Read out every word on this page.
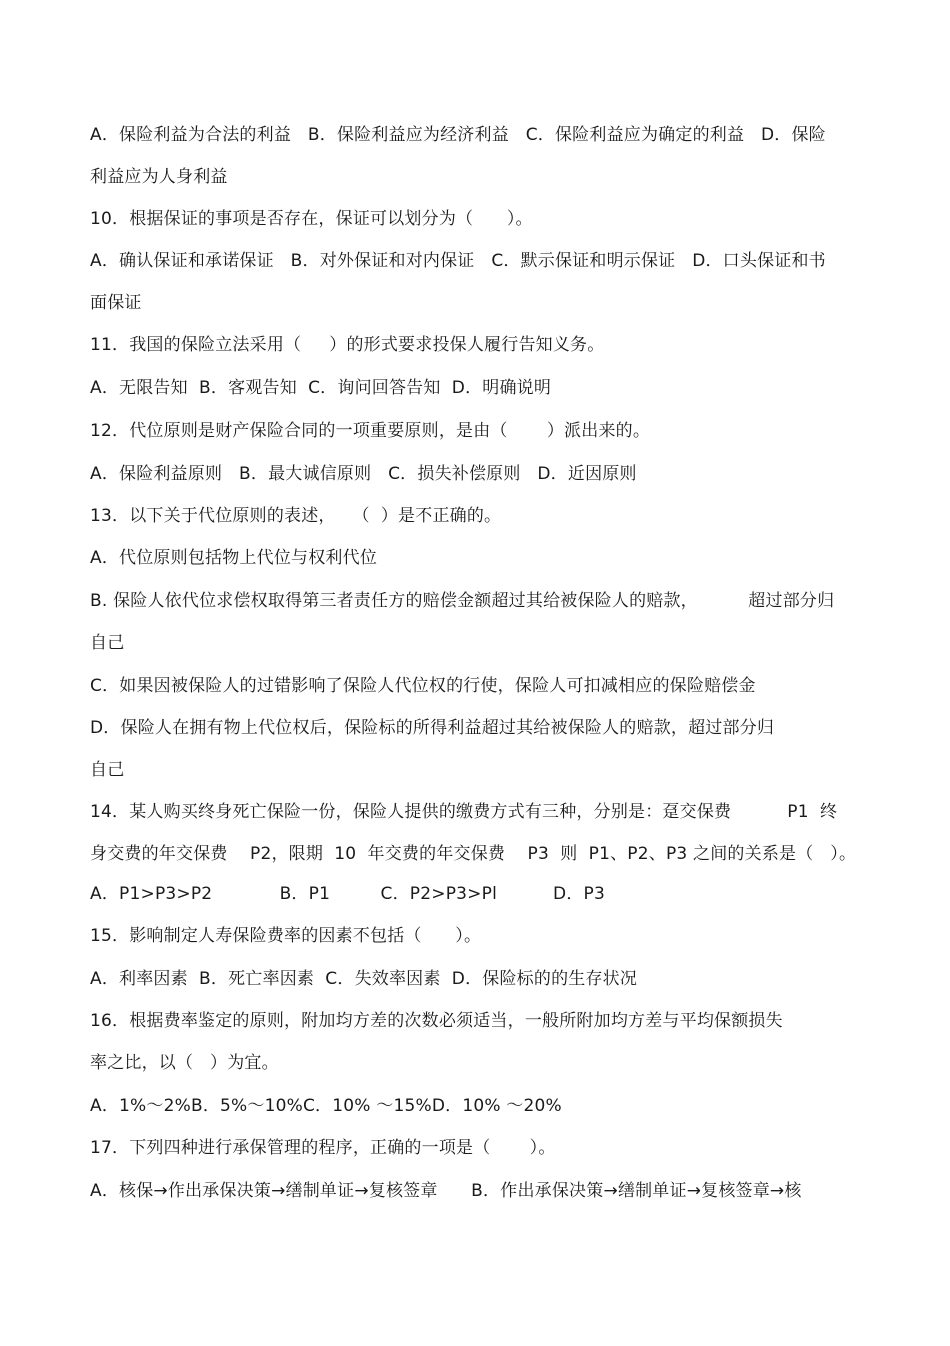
A．保险利益为合法的利益   B．保险利益应为经济利益   C．保险利益应为确定的利益   D．保险
利益应为人身利益
10．根据保证的事项是否存在，保证可以划分为（      ）。
A．确认保证和承诺保证   B．对外保证和对内保证   C．默示保证和明示保证   D．口头保证和书
面保证
11．我国的保险立法采用（     ）的形式要求投保人履行告知义务。
A．无限告知  B．客观告知  C．询问回答告知  D．明确说明
12．代位原则是财产保险合同的一项重要原则，是由（       ）派出来的。
A．保险利益原则   B．最大诚信原则   C．损失补偿原则   D．近因原则
13．以下关于代位原则的表述，   （  ）是不正确的。
A．代位原则包括物上代位与权利代位
B. 保险人依代位求偿权取得第三者责任方的赔偿金额超过其给被保险人的赔款，         超过部分归
自己
C．如果因被保险人的过错影响了保险人代位权的行使，保险人可扣减相应的保险赔偿金
D．保险人在拥有物上代位权后，保险标的所得利益超过其给被保险人的赔款，超过部分归
自己
14．某人购买终身死亡保险一份，保险人提供的缴费方式有三种，分别是：趸交保费          P1  终
身交费的年交保费    P2，限期  10  年交费的年交保费    P3  则  P1、P2、P3 之间的关系是（   ）。
A．P1>P3>P2            B．P1         C．P2>P3>Pl          D．P3
15．影响制定人寿保险费率的因素不包括（      ）。
A．利率因素  B．死亡率因素  C．失效率因素  D．保险标的的生存状况
16．根据费率鉴定的原则，附加均方差的次数必须适当，一般所附加均方差与平均保额损失
率之比，以（   ）为宜。
A．1%～2%B．5%～10%C．10% ～15%D．10% ～20%
17．下列四种进行承保管理的程序，正确的一项是（       ）。
A．核保→作出承保决策→缮制单证→复核签章      B．作出承保决策→缮制单证→复核签章→核
